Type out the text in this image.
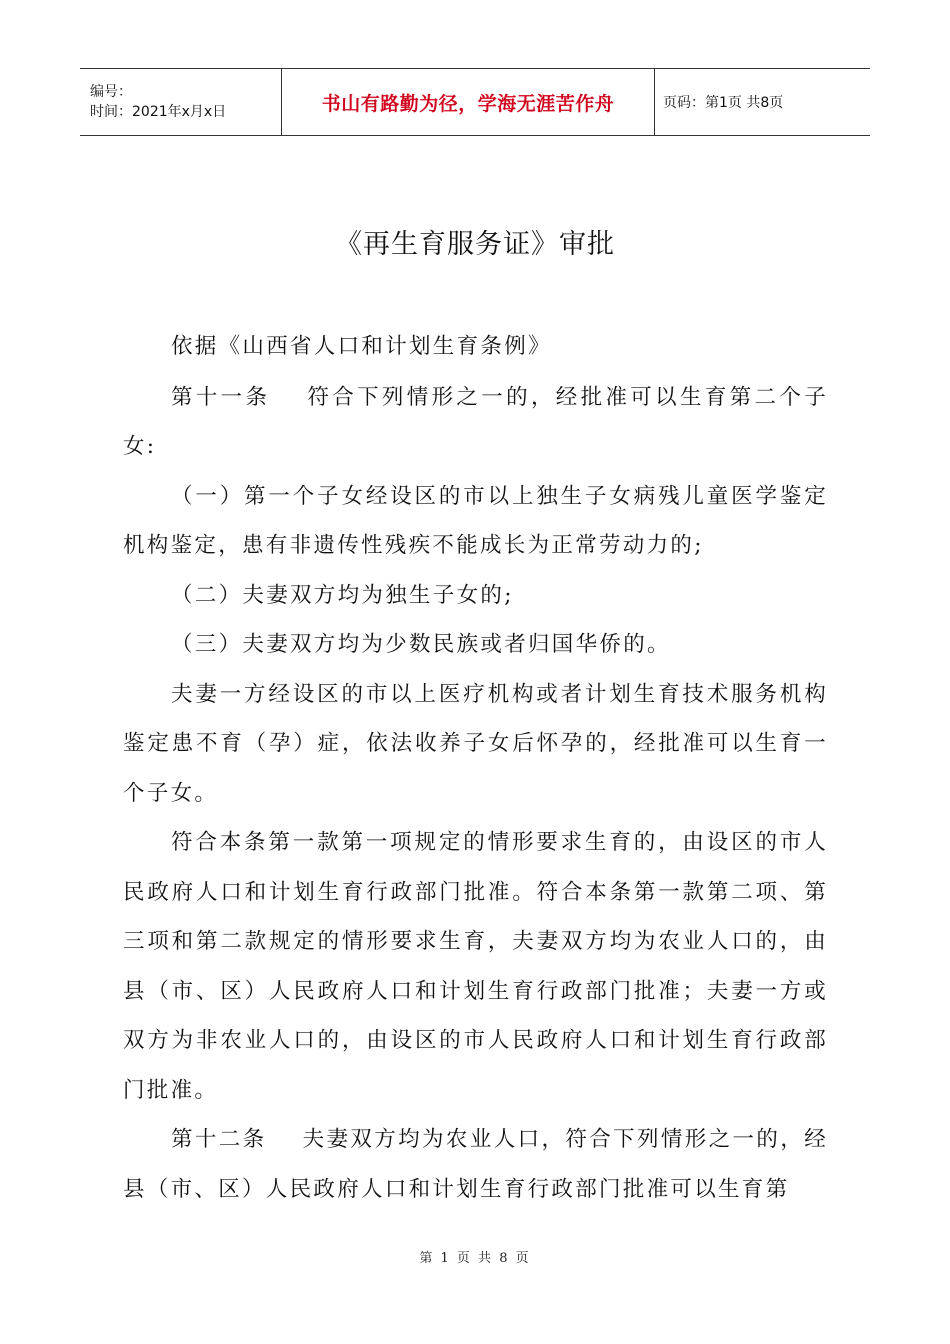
编号：
时间：2021年x月x日	书山有路勤为径，学海无涯苦作舟	页码：第1页 共8页
《再生育服务证》审批

依据《山西省人口和计划生育条例》

第十一条 符合下列情形之一的，经批准可以生育第二个子女:

（一）第一个子女经设区的市以上独生子女病残儿童医学鉴定机构鉴定，患有非遗传性残疾不能成长为正常劳动力的;

（二）夫妻双方均为独生子女的;

（三）夫妻双方均为少数民族或者归国华侨的。

夫妻一方经设区的市以上医疗机构或者计划生育技术服务机构鉴定患不育（孕）症，依法收养子女后怀孕的，经批准可以生育一个子女。

符合本条第一款第一项规定的情形要求生育的，由设区的市人民政府人口和计划生育行政部门批准。符合本条第一款第二项、第三项和第二款规定的情形要求生育，夫妻双方均为农业人口的，由县（市、区）人民政府人口和计划生育行政部门批准；夫妻一方或双方为非农业人口的，由设区的市人民政府人口和计划生育行政部门批准。

第十二条 夫妻双方均为农业人口，符合下列情形之一的，经县（市、区）人民政府人口和计划生育行政部门批准可以生育第

第 1 页 共 8 页
